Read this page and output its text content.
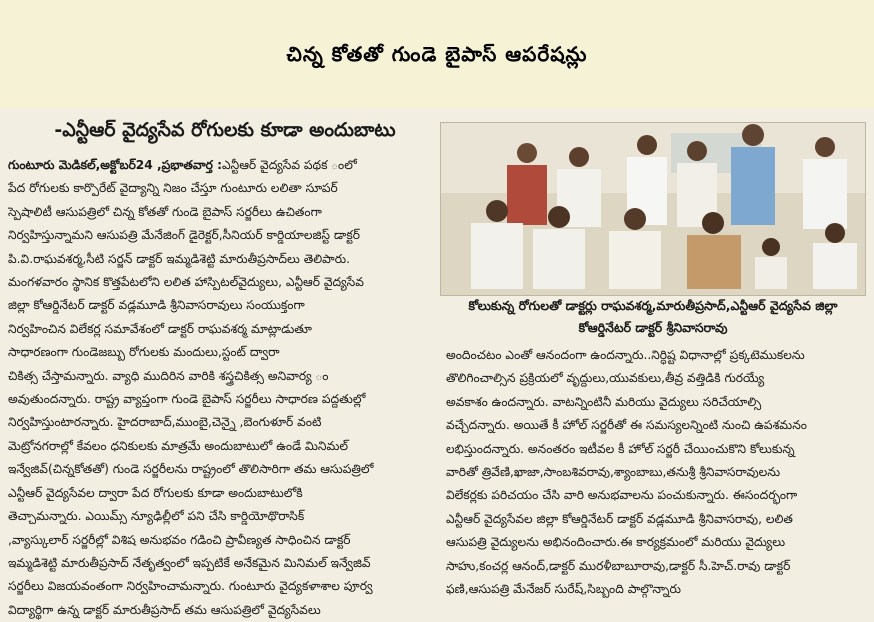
చిన్న కోతతో గుండె బైపాస్ ఆపరేషన్లు
-ఎన్టీఆర్ వైద్యసేవ రోగులకు కూడా అందుబాటు
కోలుకున్న రోగులతో డాక్టర్లు రాఘవశర్మ,మారుతీప్రసాద్,ఎన్టీఆర్ వైద్యసేవ జిల్లా
కోఆర్డినేటర్ డాక్టర్ శ్రీనివాసరావు
గుంటూరు మెడికల్,అక్టోబర్24 ,ప్రభాతవార్త :ఎన్టీఆర్ వైద్యసేవ పథక ంలో
పేద రోగులకు కార్పొరేట్ వైద్యాన్ని నిజం చేస్తూ గుంటూరు లలితా సూపర్
స్పెషాలిటీ ఆసుపత్రిలో చిన్న కోతతో గుండె బైపాస్ సర్జరీలు ఉచితంగా
నిర్వహిస్తున్నామని ఆసుపత్రి మేనేజింగ్ డైరెక్టర్,సీనియర్ కార్డియాలజిస్ట్ డాక్టర్
పి.వి.రాఘవశర్మ,సీటి సర్జన్ డాక్టర్ ఇమ్మడిశెట్టి మారుతీప్రసాద్‌లు తెలిపారు.
మంగళవారం స్థానిక కొత్తపేటలోని లలిత హాస్పిటల్‌వైద్యులు, ఎన్టీఆర్ వైద్యసేవ
జిల్లా కోఆర్డినేటర్ డాక్టర్ వడ్లమూడి శ్రీనివాసరావులు సంయుక్తంగా
నిర్వహించిన విలేకర్ల సమావేశంలో డాక్టర్ రాఘవశర్మ మాట్లాడుతూ
సాధారణంగా గుండెజబ్బు రోగులకు మందులు,స్టంట్ ద్వారా
చికిత్స చేస్తామన్నారు. వ్యాధి ముదిరిన వారికి శస్త్రచికిత్స అనివార్య ం
అవుతుందన్నారు. రాష్ట్ర వ్యాప్తంగా గుండె బైపాస్ సర్జరీలు సాధారణ పద్దతుల్లో
నిర్వహిస్తుంటారన్నారు. హైదరాబాద్,ముంబై,చెన్నై ,బెంగుళూర్ వంటి
మెట్రోనగరాల్లో కేవలం ధనికులకు మాత్రమే అందుబాటులో ఉండే మినిమల్
ఇన్వేజివ్(చిన్నకోతతో) గుండె సర్జరీలను రాష్ట్రంలో తొలిసారిగా తమ ఆసుపత్రిలో
ఎన్టీఆర్ వైద్యసేవల ద్వారా పేద రోగులకు కూడా అందుబాటులోకి
తెచ్చామన్నారు. ఎయిమ్స్ న్యూఢిల్లీలో పని చేసి కార్డియోథొరాసిక్
,వ్యాస్కులార్ సర్జరీల్లో విశిష అనుభవం గడించి ప్రావీణ్యత సాధించిన డాక్టర్
ఇమ్మడిశెట్టి మారుతీప్రసాద్ నేతృత్వంలో ఇప్పటికే అనేకమైన మినిమల్ ఇన్వేజివ్
సర్జరీలు విజయవంతంగా నిర్వహించామన్నారు. గుంటూరు వైద్యకళాశాల పూర్వ
విద్యార్థిగా ఉన్న డాక్టర్ మారుతీప్రసాద్ తమ ఆసుపత్రిలో వైద్యసేవలు
అందించటం ఎంతో ఆనందంగా ఉందన్నారు..నిర్ధిష్ట విధానాల్లో ప్రక్కటెముకలను
తొలిగించాల్సిన ప్రక్రియలో వృద్దులు,యువకులు,తీవ్ర వత్తిడికి గురయ్యే
అవకాశం ఉందన్నారు. వాటన్నింటినీ మరియు వైద్యులు సరిచేయాల్సి
వచ్చేదన్నారు. అయితే కీ హోల్ సర్జరీతో ఈ సమస్యలన్నింటి నుంచి ఉపశమనం
లభిస్తుందన్నారు. అనంతరం ఇటీవల కీ హోల్ సర్జరీ చేయించుకొని కోలుకున్న
వారితో త్రివేణి,ఖాజా,సాంబశివరావు,శ్యాంబాబు,తనుశ్రీ శ్రీనివాసరావులను
విలేకర్లకు పరిచయం చేసి వారి అనుభవాలను పంచుకున్నారు. ఈసందర్భంగా
ఎన్టీఆర్ వైద్యసేవల జిల్లా కోఆర్డినేటర్ డాక్టర్ వడ్లమూడి శ్రీనివాసరావు, లలిత
ఆసుపత్రి వైద్యులను అభినందించారు.ఈ కార్యక్రమంలో మరియు వైద్యులు
సాహు,కంచర్ల ఆనంద్,డాక్టర్ మురళీబాబూరావు,డాక్టర్ సీ.హెచ్.రావు డాక్టర్
ఫణి,ఆసుపత్రి మేనేజర్ సురేష్,సిబ్బంది పాల్గొన్నారు
